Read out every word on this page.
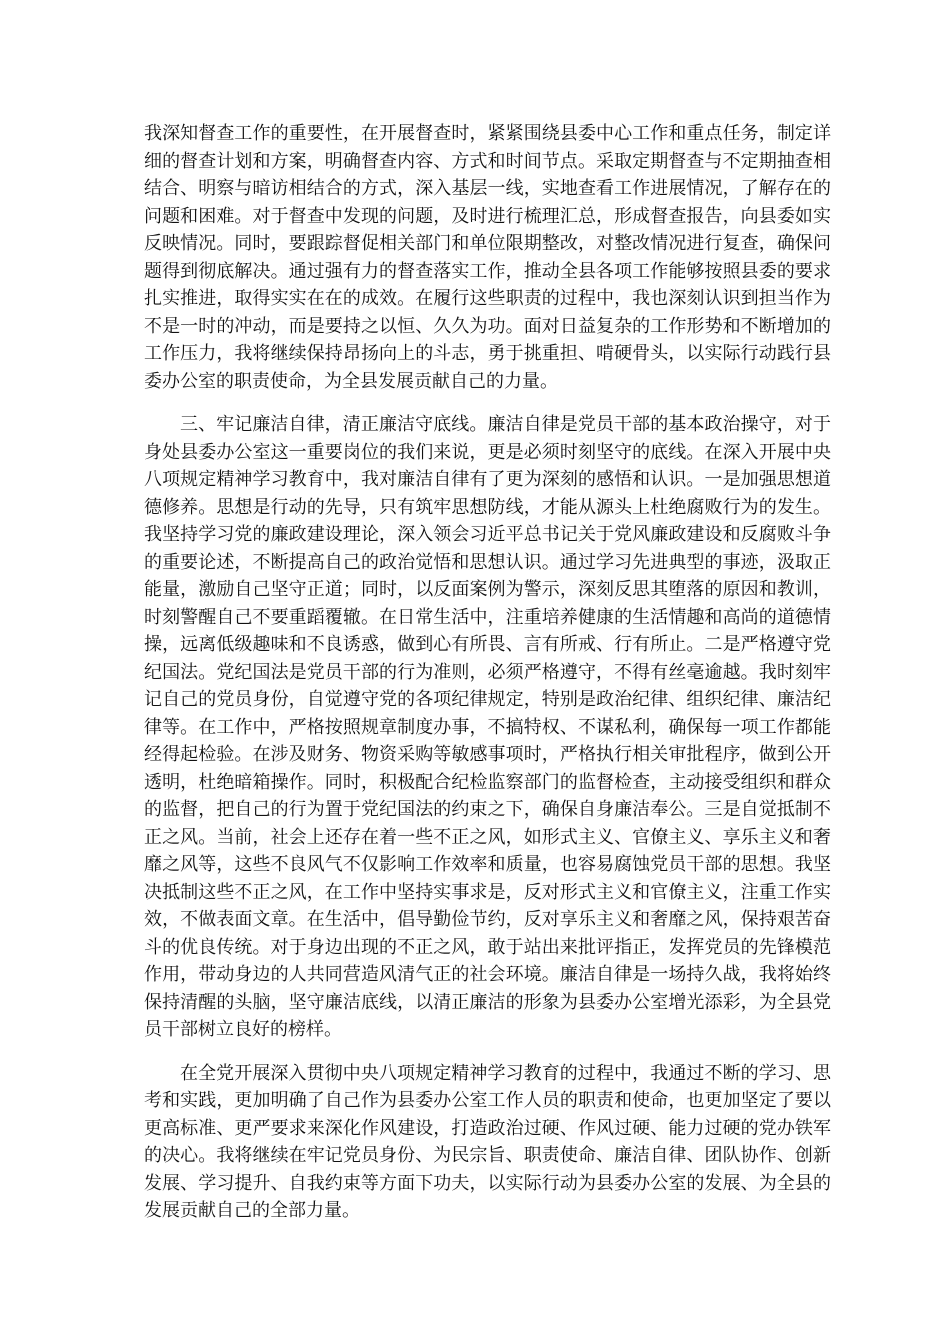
我深知督查工作的重要性，在开展督查时，紧紧围绕县委中心工作和重点任务，制定详细的督查计划和方案，明确督查内容、方式和时间节点。采取定期督查与不定期抽查相结合、明察与暗访相结合的方式，深入基层一线，实地查看工作进展情况，了解存在的问题和困难。对于督查中发现的问题，及时进行梳理汇总，形成督查报告，向县委如实反映情况。同时，要跟踪督促相关部门和单位限期整改，对整改情况进行复查，确保问题得到彻底解决。通过强有力的督查落实工作，推动全县各项工作能够按照县委的要求扎实推进，取得实实在在的成效。在履行这些职责的过程中，我也深刻认识到担当作为不是一时的冲动，而是要持之以恒、久久为功。面对日益复杂的工作形势和不断增加的工作压力，我将继续保持昂扬向上的斗志，勇于挑重担、啃硬骨头，以实际行动践行县委办公室的职责使命，为全县发展贡献自己的力量。

三、牢记廉洁自律，清正廉洁守底线。廉洁自律是党员干部的基本政治操守，对于身处县委办公室这一重要岗位的我们来说，更是必须时刻坚守的底线。在深入开展中央八项规定精神学习教育中，我对廉洁自律有了更为深刻的感悟和认识。一是加强思想道德修养。思想是行动的先导，只有筑牢思想防线，才能从源头上杜绝腐败行为的发生。我坚持学习党的廉政建设理论，深入领会习近平总书记关于党风廉政建设和反腐败斗争的重要论述，不断提高自己的政治觉悟和思想认识。通过学习先进典型的事迹，汲取正能量，激励自己坚守正道；同时，以反面案例为警示，深刻反思其堕落的原因和教训，时刻警醒自己不要重蹈覆辙。在日常生活中，注重培养健康的生活情趣和高尚的道德情操，远离低级趣味和不良诱惑，做到心有所畏、言有所戒、行有所止。二是严格遵守党纪国法。党纪国法是党员干部的行为准则，必须严格遵守，不得有丝毫逾越。我时刻牢记自己的党员身份，自觉遵守党的各项纪律规定，特别是政治纪律、组织纪律、廉洁纪律等。在工作中，严格按照规章制度办事，不搞特权、不谋私利，确保每一项工作都能经得起检验。在涉及财务、物资采购等敏感事项时，严格执行相关审批程序，做到公开透明，杜绝暗箱操作。同时，积极配合纪检监察部门的监督检查，主动接受组织和群众的监督，把自己的行为置于党纪国法的约束之下，确保自身廉洁奉公。三是自觉抵制不正之风。当前，社会上还存在着一些不正之风，如形式主义、官僚主义、享乐主义和奢靡之风等，这些不良风气不仅影响工作效率和质量，也容易腐蚀党员干部的思想。我坚决抵制这些不正之风，在工作中坚持实事求是，反对形式主义和官僚主义，注重工作实效，不做表面文章。在生活中，倡导勤俭节约，反对享乐主义和奢靡之风，保持艰苦奋斗的优良传统。对于身边出现的不正之风，敢于站出来批评指正，发挥党员的先锋模范作用，带动身边的人共同营造风清气正的社会环境。廉洁自律是一场持久战，我将始终保持清醒的头脑，坚守廉洁底线，以清正廉洁的形象为县委办公室增光添彩，为全县党员干部树立良好的榜样。

在全党开展深入贯彻中央八项规定精神学习教育的过程中，我通过不断的学习、思考和实践，更加明确了自己作为县委办公室工作人员的职责和使命，也更加坚定了要以更高标准、更严要求来深化作风建设，打造政治过硬、作风过硬、能力过硬的党办铁军的决心。我将继续在牢记党员身份、为民宗旨、职责使命、廉洁自律、团队协作、创新发展、学习提升、自我约束等方面下功夫，以实际行动为县委办公室的发展、为全县的发展贡献自己的全部力量。
